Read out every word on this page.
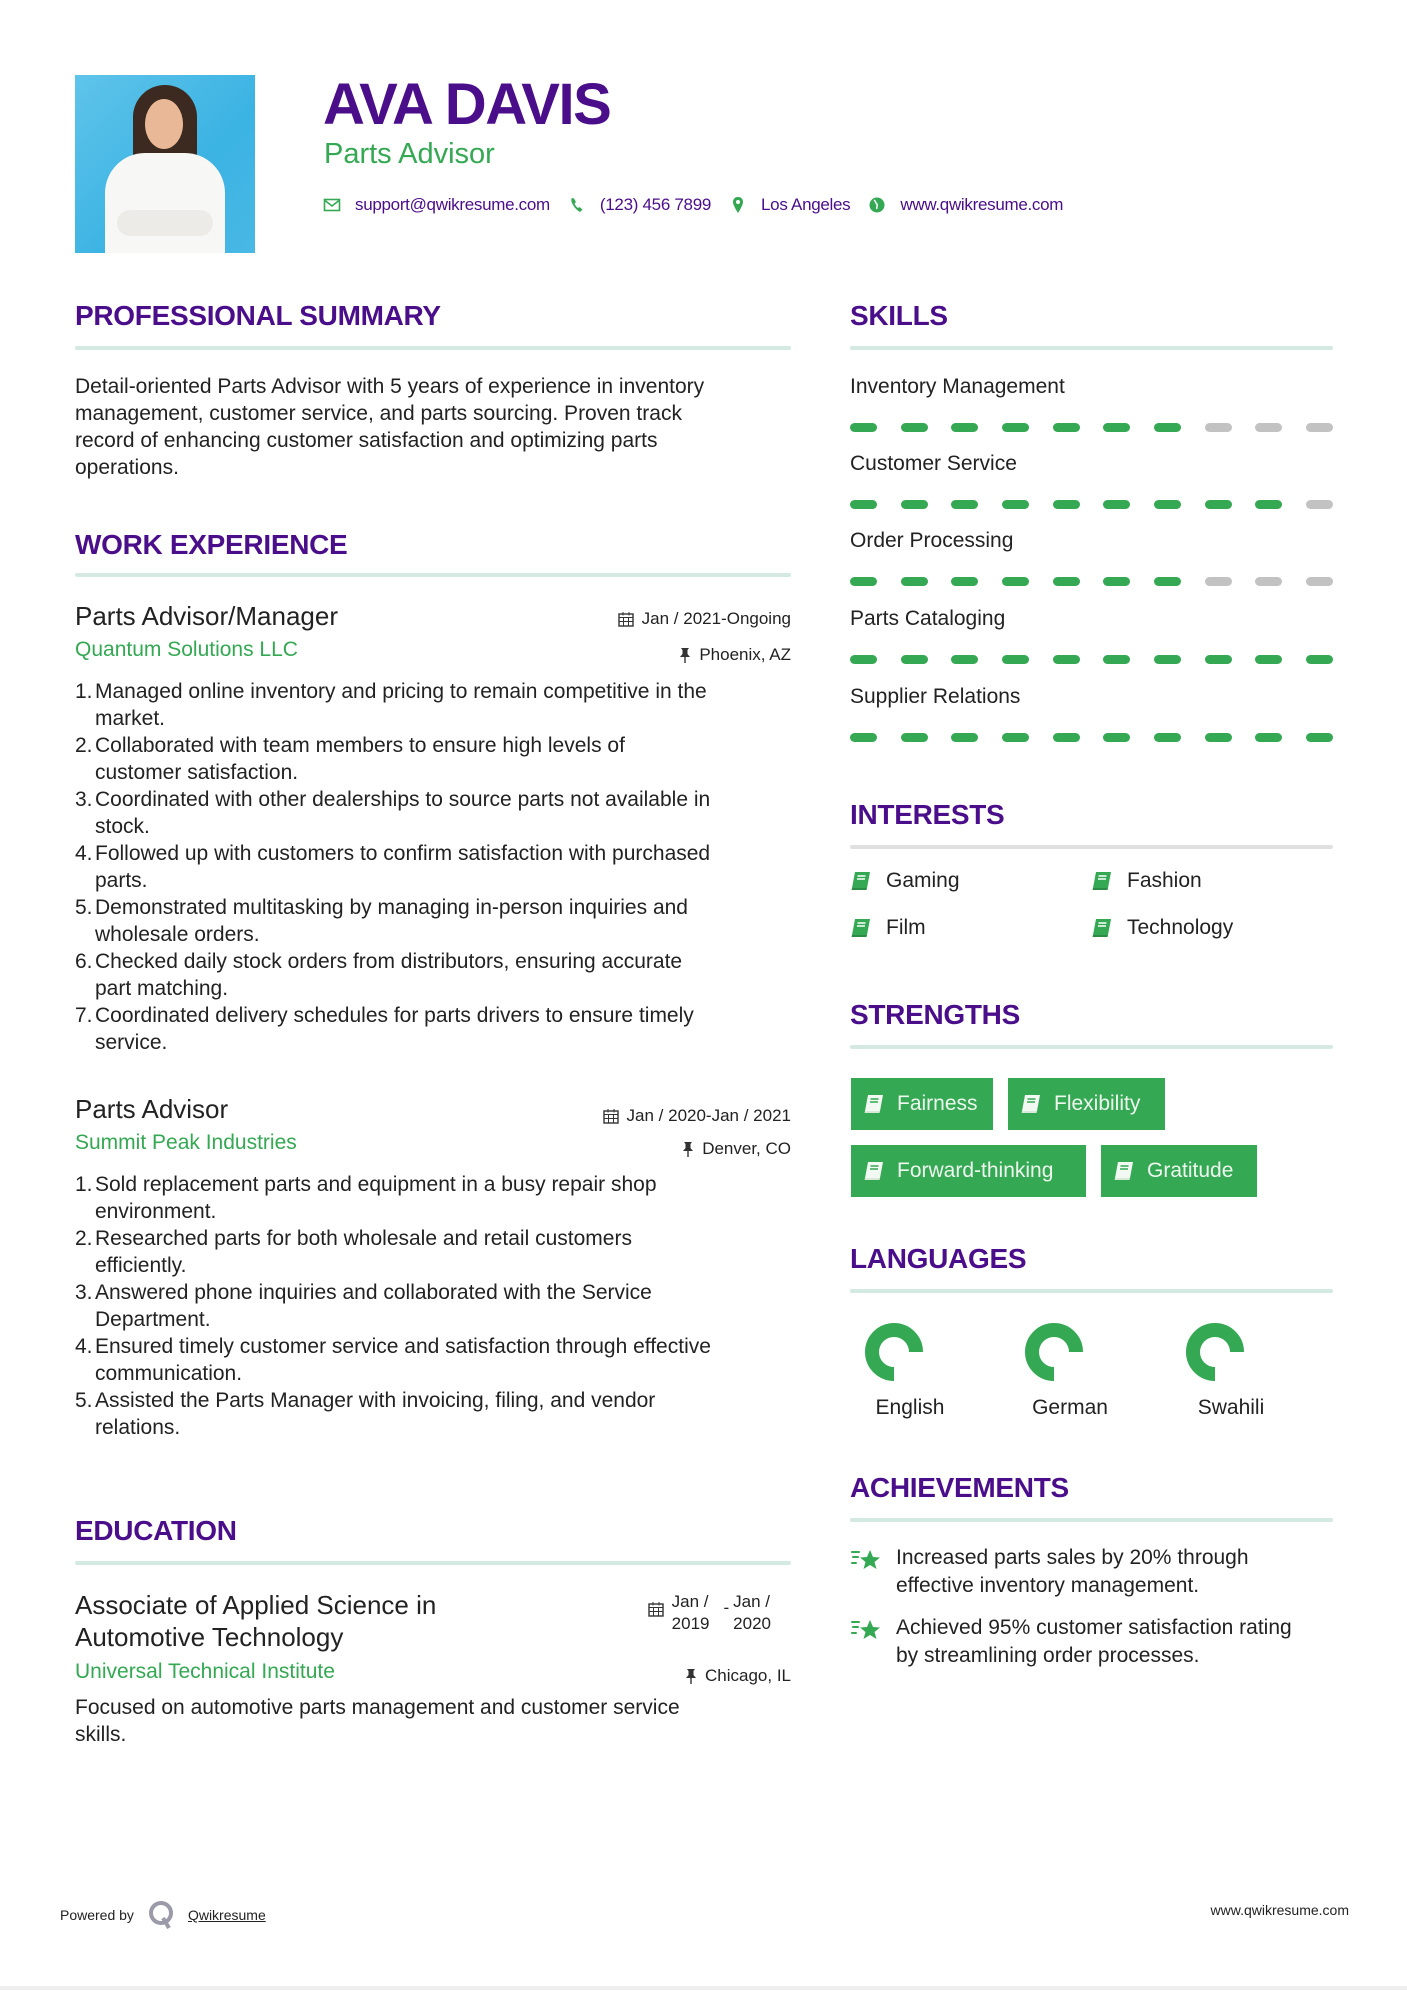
AVA DAVIS
Parts Advisor
support@qwikresume.com	(123) 456 7899	Los Angeles	www.qwikresume.com
PROFESSIONAL SUMMARY
Detail-oriented Parts Advisor with 5 years of experience in inventory
management, customer service, and parts sourcing. Proven track
record of enhancing customer satisfaction and optimizing parts
operations.
WORK EXPERIENCE
Parts Advisor/Manager
Quantum Solutions LLC
Jan / 2021-Ongoing
Phoenix, AZ
1. Managed online inventory and pricing to remain competitive in the
market.
2. Collaborated with team members to ensure high levels of
customer satisfaction.
3. Coordinated with other dealerships to source parts not available in
stock.
4. Followed up with customers to confirm satisfaction with purchased
parts.
5. Demonstrated multitasking by managing in-person inquiries and
wholesale orders.
6. Checked daily stock orders from distributors, ensuring accurate
part matching.
7. Coordinated delivery schedules for parts drivers to ensure timely
service.
Parts Advisor
Summit Peak Industries
Jan / 2020-Jan / 2021
Denver, CO
1. Sold replacement parts and equipment in a busy repair shop
environment.
2. Researched parts for both wholesale and retail customers
efficiently.
3. Answered phone inquiries and collaborated with the Service
Department.
4. Ensured timely customer service and satisfaction through effective
communication.
5. Assisted the Parts Manager with invoicing, filing, and vendor
relations.
EDUCATION
Associate of Applied Science in
Automotive Technology
Universal Technical Institute
Jan /
2019
- Jan /
2020
Chicago, IL
Focused on automotive parts management and customer service
skills.
SKILLS
Inventory Management
Customer Service
Order Processing
Parts Cataloging
Supplier Relations
INTERESTS
Gaming	Fashion
Film	Technology
STRENGTHS
Fairness	Flexibility
Forward-thinking	Gratitude
LANGUAGES
English	German	Swahili
ACHIEVEMENTS
Increased parts sales by 20% through
effective inventory management.
Achieved 95% customer satisfaction rating
by streamlining order processes.
Powered by	Qwikresume	www.qwikresume.com
